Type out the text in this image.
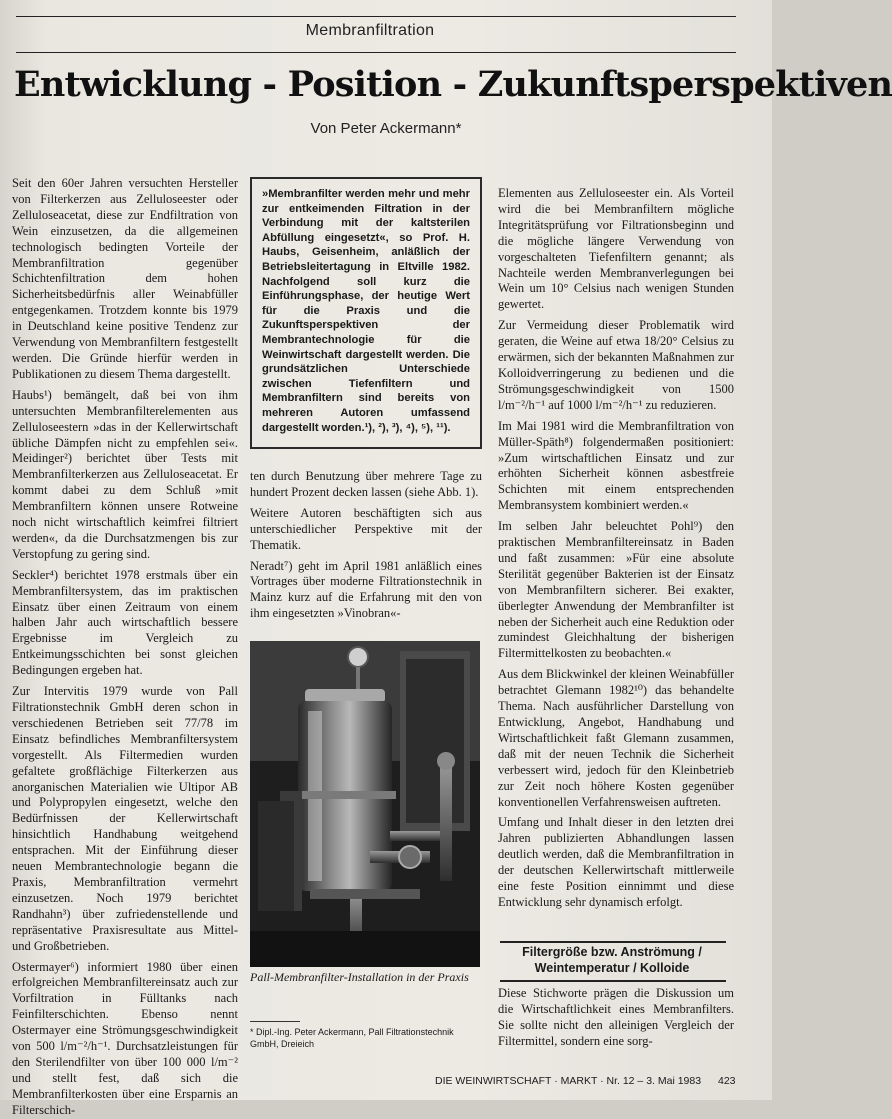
Membranfiltration
Entwicklung - Position - Zukunftsperspektiven
Von Peter Ackermann*

Seit den 60er Jahren versuchten Hersteller von Filterkerzen aus Zelluloseester oder Zelluloseacetat, diese zur Endfiltration von Wein einzusetzen, da die allgemeinen technologisch bedingten Vorteile der Membranfiltration gegenüber Schichtenfiltration dem hohen Sicherheitsbedürfnis aller Weinabfüller entgegenkamen. Trotzdem konnte bis 1979 in Deutschland keine positive Tendenz zur Verwendung von Membranfiltern festgestellt werden. Die Gründe hierfür werden in Publikationen zu diesem Thema dargestellt.

Haubs¹) bemängelt, daß bei von ihm untersuchten Membranfilterelementen aus Zelluloseestern »das in der Kellerwirtschaft übliche Dämpfen nicht zu empfehlen sei«. Meidinger²) berichtet über Tests mit Membranfilterkerzen aus Zelluloseacetat. Er kommt dabei zu dem Schluß »mit Membranfiltern können unsere Rotweine noch nicht wirtschaftlich keimfrei filtriert werden«, da die Durchsatzmengen bis zur Verstopfung zu gering sind.

Seckler⁴) berichtet 1978 erstmals über ein Membranfiltersystem, das im praktischen Einsatz über einen Zeitraum von einem halben Jahr auch wirtschaftlich bessere Ergebnisse im Vergleich zu Entkeimungsschichten bei sonst gleichen Bedingungen ergeben hat.

Zur Intervitis 1979 wurde von Pall Filtrationstechnik GmbH deren schon in verschiedenen Betrieben seit 77/78 im Einsatz befindliches Membranfiltersystem vorgestellt. Als Filtermedien wurden gefaltete großflächige Filterkerzen aus anorganischen Materialien wie Ultipor AB und Polypropylen eingesetzt, welche den Bedürfnissen der Kellerwirtschaft hinsichtlich Handhabung weitgehend entsprachen. Mit der Einführung dieser neuen Membrantechnologie begann die Praxis, Membranfiltration vermehrt einzusetzen. Noch 1979 berichtet Randhahn³) über zufriedenstellende und repräsentative Praxisresultate aus Mittel- und Großbetrieben.

Ostermayer⁶) informiert 1980 über einen erfolgreichen Membranfiltereinsatz auch zur Vorfiltration in Fülltanks nach Feinfilterschichten. Ebenso nennt Ostermayer eine Strömungsgeschwindigkeit von 500 l/m⁻²/h⁻¹. Durchsatzleistungen für den Sterilendfilter von über 100 000 l/m⁻² und stellt fest, daß sich die Membranfilterkosten über eine Ersparnis an Filterschich-

»Membranfilter werden mehr und mehr zur entkeimenden Filtration in der Verbindung mit der kaltsterilen Abfüllung eingesetzt«, so Prof. H. Haubs, Geisenheim, anläßlich der Betriebsleitertagung in Eltville 1982. Nachfolgend soll kurz die Einführungsphase, der heutige Wert für die Praxis und die Zukunftsperspektiven der Membrantechnologie für die Weinwirtschaft dargestellt werden. Die grundsätzlichen Unterschiede zwischen Tiefenfiltern und Membranfiltern sind bereits von mehreren Autoren umfassend dargestellt worden.¹), ²), ³), ⁴), ⁵), ¹¹).

ten durch Benutzung über mehrere Tage zu hundert Prozent decken lassen (siehe Abb. 1).

Weitere Autoren beschäftigten sich aus unterschiedlicher Perspektive mit der Thematik.

Neradt⁷) geht im April 1981 anläßlich eines Vortrages über moderne Filtrationstechnik in Mainz kurz auf die Erfahrung mit den von ihm eingesetzten »Vinobran«-

Pall-Membranfilter-Installation in der Praxis
* Dipl.-Ing. Peter Ackermann, Pall Filtrationstechnik GmbH, Dreieich

Elementen aus Zelluloseester ein. Als Vorteil wird die bei Membranfiltern mögliche Integritätsprüfung vor Filtrationsbeginn und die mögliche längere Verwendung von vorgeschalteten Tiefenfiltern genannt; als Nachteile werden Membranverlegungen bei Wein um 10° Celsius nach wenigen Stunden gewertet.

Zur Vermeidung dieser Problematik wird geraten, die Weine auf etwa 18/20° Celsius zu erwärmen, sich der bekannten Maßnahmen zur Kolloidverringerung zu bedienen und die Strömungsgeschwindigkeit von 1500 l/m⁻²/h⁻¹ auf 1000 l/m⁻²/h⁻¹ zu reduzieren.

Im Mai 1981 wird die Membranfiltration von Müller-Späth⁸) folgendermaßen positioniert: »Zum wirtschaftlichen Einsatz und zur erhöhten Sicherheit können asbestfreie Schichten mit einem entsprechenden Membransystem kombiniert werden.«

Im selben Jahr beleuchtet Pohl⁹) den praktischen Membranfiltereinsatz in Baden und faßt zusammen: »Für eine absolute Sterilität gegenüber Bakterien ist der Einsatz von Membranfiltern sicherer. Bei exakter, überlegter Anwendung der Membranfilter ist neben der Sicherheit auch eine Reduktion oder zumindest Gleichhaltung der bisherigen Filtermittelkosten zu beobachten.«

Aus dem Blickwinkel der kleinen Weinabfüller betrachtet Glemann 1982¹⁰) das behandelte Thema. Nach ausführlicher Darstellung von Entwicklung, Angebot, Handhabung und Wirtschaftlichkeit faßt Glemann zusammen, daß mit der neuen Technik die Sicherheit verbessert wird, jedoch für den Kleinbetrieb zur Zeit noch höhere Kosten gegenüber konventionellen Verfahrensweisen auftreten.

Umfang und Inhalt dieser in den letzten drei Jahren publizierten Abhandlungen lassen deutlich werden, daß die Membranfiltration in der deutschen Kellerwirtschaft mittlerweile eine feste Position einnimmt und diese Entwicklung sehr dynamisch erfolgt.

Filtergröße bzw. Anströmung /
Weintemperatur / Kolloide

Diese Stichworte prägen die Diskussion um die Wirtschaftlichkeit eines Membranfilters. Sie sollte nicht den alleinigen Vergleich der Filtermittel, sondern eine sorg-

DIE WEINWIRTSCHAFT · MARKT · Nr. 12 – 3. Mai 1983 423
